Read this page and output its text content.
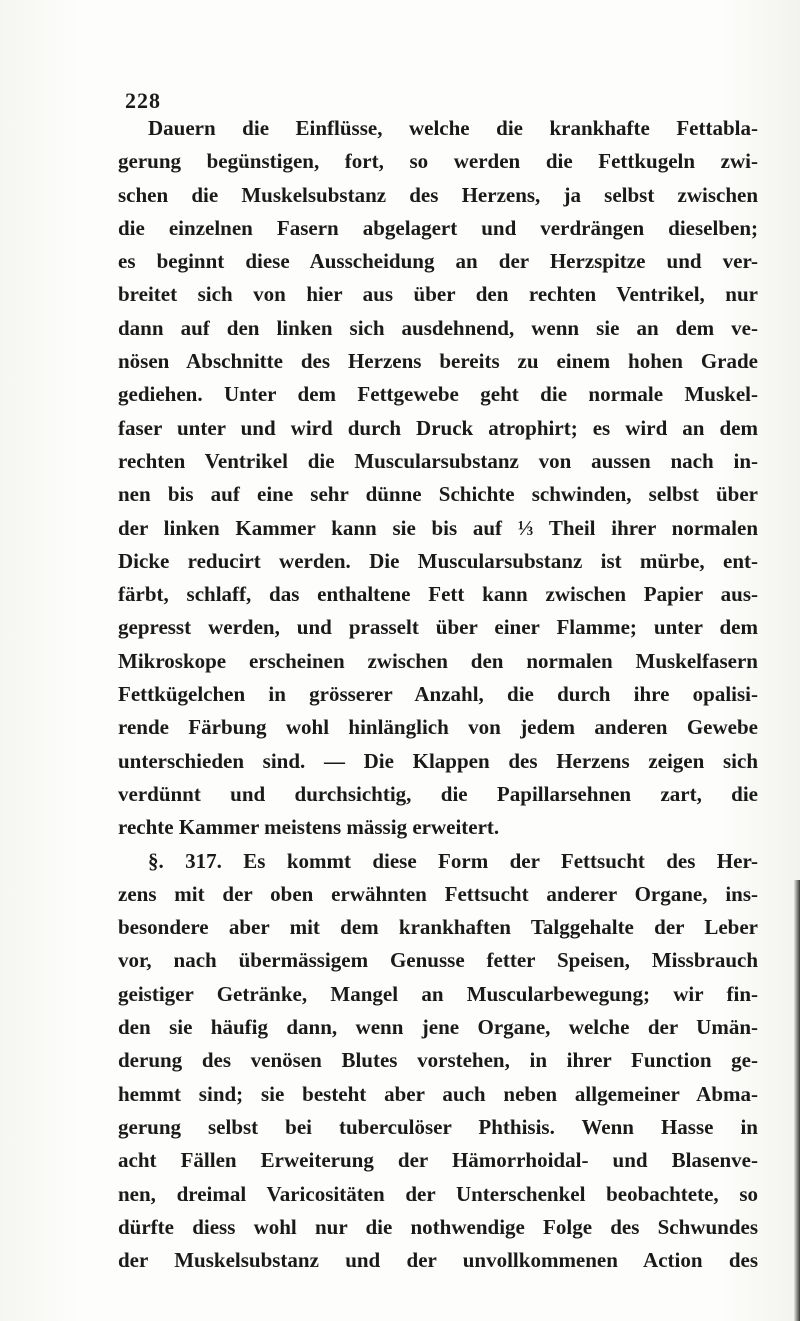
228
Dauern die Einflüsse, welche die krankhafte Fettabla-
gerung begünstigen, fort, so werden die Fettkugeln zwi-
schen die Muskelsubstanz des Herzens, ja selbst zwischen
die einzelnen Fasern abgelagert und verdrängen dieselben;
es beginnt diese Ausscheidung an der Herzspitze und ver-
breitet sich von hier aus über den rechten Ventrikel, nur
dann auf den linken sich ausdehnend, wenn sie an dem ve-
nösen Abschnitte des Herzens bereits zu einem hohen Grade
gediehen. Unter dem Fettgewebe geht die normale Muskel-
faser unter und wird durch Druck atrophirt; es wird an dem
rechten Ventrikel die Muscularsubstanz von aussen nach in-
nen bis auf eine sehr dünne Schichte schwinden, selbst über
der linken Kammer kann sie bis auf ⅓ Theil ihrer normalen
Dicke reducirt werden. Die Muscularsubstanz ist mürbe, ent-
färbt, schlaff, das enthaltene Fett kann zwischen Papier aus-
gepresst werden, und prasselt über einer Flamme; unter dem
Mikroskope erscheinen zwischen den normalen Muskelfasern
Fettkügelchen in grösserer Anzahl, die durch ihre opalisi-
rende Färbung wohl hinlänglich von jedem anderen Gewebe
unterschieden sind. — Die Klappen des Herzens zeigen sich
verdünnt und durchsichtig, die Papillarsehnen zart, die
rechte Kammer meistens mässig erweitert.
§. 317. Es kommt diese Form der Fettsucht des Her-
zens mit der oben erwähnten Fettsucht anderer Organe, ins-
besondere aber mit dem krankhaften Talggehalte der Leber
vor, nach übermässigem Genusse fetter Speisen, Missbrauch
geistiger Getränke, Mangel an Muscularbewegung; wir fin-
den sie häufig dann, wenn jene Organe, welche der Umän-
derung des venösen Blutes vorstehen, in ihrer Function ge-
hemmt sind; sie besteht aber auch neben allgemeiner Abma-
gerung selbst bei tuberculöser Phthisis. Wenn Hasse in
acht Fällen Erweiterung der Hämorrhoidal- und Blasenve-
nen, dreimal Varicositäten der Unterschenkel beobachtete, so
dürfte diess wohl nur die nothwendige Folge des Schwundes
der Muskelsubstanz und der unvollkommenen Action des
